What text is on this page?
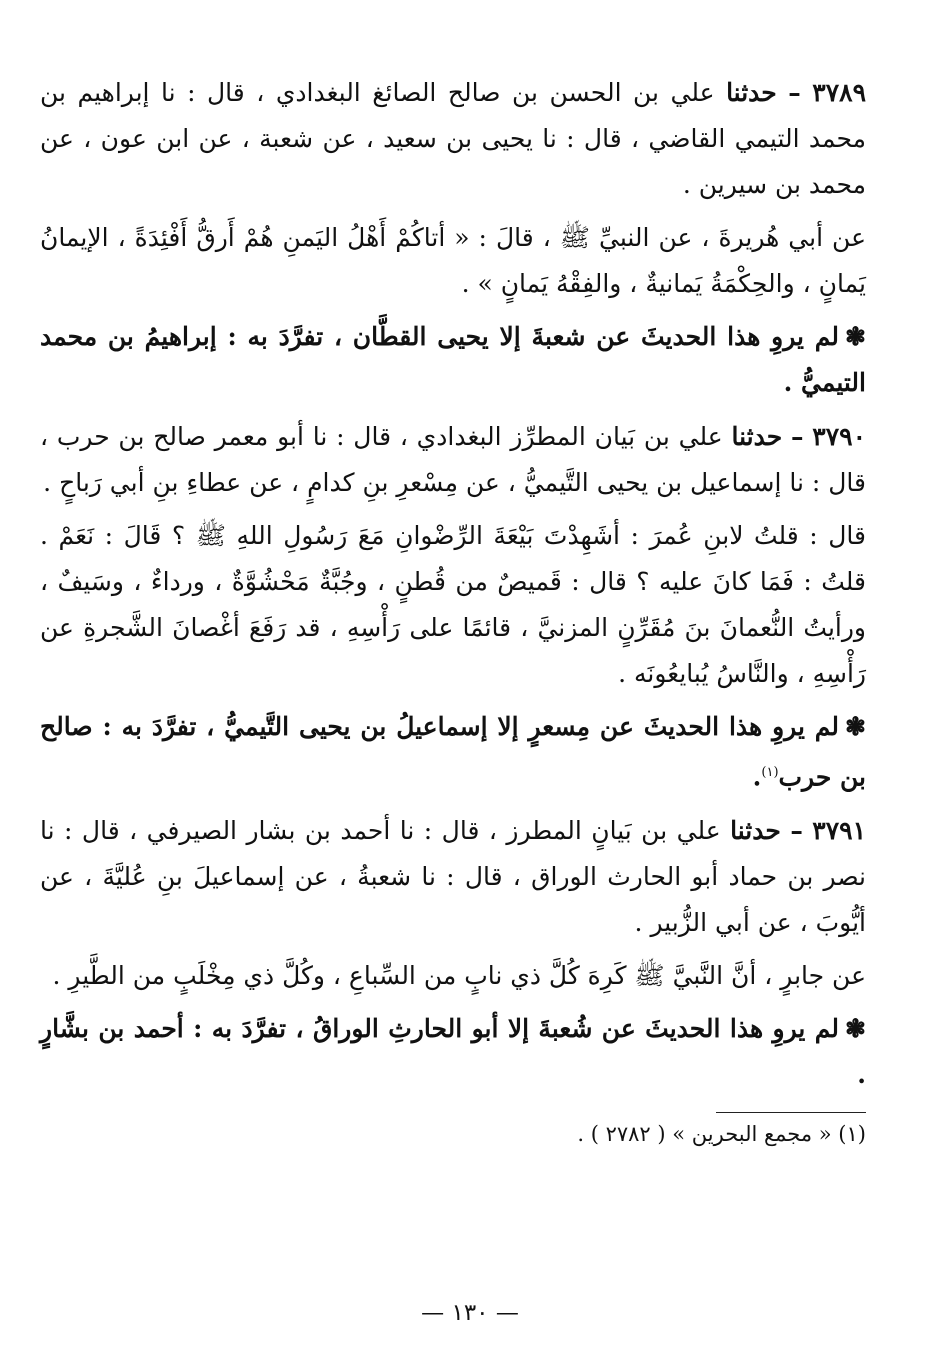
٣٧٨٩ – حدثنا علي بن الحسن بن صالح الصائغ البغدادي ، قال : نا إبراهيم بن محمد التيمي القاضي ، قال : نا يحيى بن سعيد ، عن شعبة ، عن ابن عون ، عن محمد بن سيرين .

عن أبي هُريرةَ ، عن النبيِّ ﷺ ، قالَ : « أتاكُمْ أَهْلُ اليَمنِ هُمْ أَرقُّ أَفْئِدَةً ، الإيمانُ يَمانٍ ، والحِكْمَةُ يَمانيةٌ ، والفِقْهُ يَمانٍ » .

❃لم يروِ هذا الحديثَ عن شعبةَ إلا يحيى القطَّان ، تفرَّدَ به : إبراهيمُ بن محمد التيميُّ .

٣٧٩٠ – حدثنا علي بن بَيان المطرِّز البغدادي ، قال : نا أبو معمر صالح بن حرب ، قال : نا إسماعيل بن يحيى التَّيميُّ ، عن مِسْعرِ بنِ كدامٍ ، عن عطاءِ بنِ أبي رَباحٍ .

قال : قلتُ لابنِ عُمرَ : أشَهِدْتَ بَيْعَةَ الرِّضْوانِ مَعَ رَسُولِ اللهِ ﷺ ؟ قَالَ : نَعَمْ . قلتُ : فَمَا كانَ عليه ؟ قال : قَميصٌ من قُطنٍ ، وجُبَّةٌ مَحْشُوَّةٌ ، ورداءٌ ، وسَيفٌ ، ورأيتُ النُّعمانَ بنَ مُقَرِّنٍ المزنيَّ ، قائمًا على رَأْسِهِ ، قد رَفَعَ أغْصانَ الشَّجرةِ عن رَأْسِهِ ، والنَّاسُ يُبايعُونَه .

❃لم يروِ هذا الحديثَ عن مِسعرٍ إلا إسماعيلُ بن يحيى التَّيميُّ ، تفرَّدَ به : صالح بن حرب$^{(١)}$.

٣٧٩١ – حدثنا علي بن بَيانٍ المطرز ، قال : نا أحمد بن بشار الصيرفي ، قال : نا نصر بن حماد أبو الحارث الوراق ، قال : نا شعبةُ ، عن إسماعيلَ بنِ عُليَّةَ ، عن أيُّوبَ ، عن أبي الزُّبير .

عن جابرٍ ، أنَّ النَّبيَّ ﷺ كَرِهَ كُلَّ ذي نابٍ من السِّباعِ ، وكُلَّ ذي مِخْلَبٍ من الطَّيرِ .

❃لم يروِ هذا الحديثَ عن شُعبةَ إلا أبو الحارثِ الوراقُ ، تفرَّدَ به : أحمد بن بشَّارٍ .

(١) « مجمع البحرين » ( ٢٧٨٢ ) .
— ١٣٠ —
